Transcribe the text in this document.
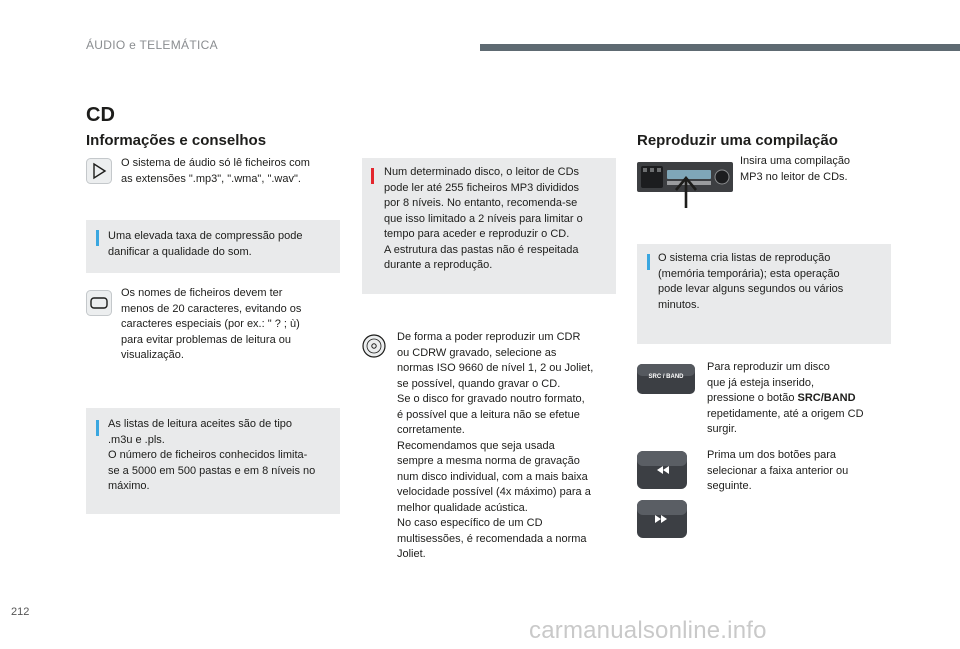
ÁUDIO e TELEMÁTICA
CD
Informações e conselhos	Reproduzir uma compilação
O sistema de áudio só lê ficheiros com
as extensões ".mp3", ".wma", ".wav".
Uma elevada taxa de compressão pode
danificar a qualidade do som.
Os nomes de ficheiros devem ter
menos de 20 caracteres, evitando os
caracteres especiais (por ex.: " ? ; ù)
para evitar problemas de leitura ou
visualização.
As listas de leitura aceites são de tipo
.m3u e .pls.
O número de ficheiros conhecidos limita-
se a 5000 em 500 pastas e em 8 níveis no
máximo.
Num determinado disco, o leitor de CDs
pode ler até 255 ficheiros MP3 divididos
por 8 níveis. No entanto, recomenda-se
que isso limitado a 2 níveis para limitar o
tempo para aceder e reproduzir o CD.
A estrutura das pastas não é respeitada
durante a reprodução.
De forma a poder reproduzir um CDR
ou CDRW gravado, selecione as
normas ISO 9660 de nível 1, 2 ou Joliet,
se possível, quando gravar o CD.
Se o disco for gravado noutro formato,
é possível que a leitura não se efetue
corretamente.
Recomendamos que seja usada
sempre a mesma norma de gravação
num disco individual, com a mais baixa
velocidade possível (4x máximo) para a
melhor qualidade acústica.
No caso específico de um CD
multisessões, é recomendada a norma
Joliet.
Insira uma compilação
MP3 no leitor de CDs.
O sistema cria listas de reprodução
(memória temporária); esta operação
pode levar alguns segundos ou vários
minutos.
SRC / BAND
Para reproduzir um disco
que já esteja inserido,
pressione o botão SRC/BAND
repetidamente, até a origem CD
surgir.
Prima um dos botões para
selecionar a faixa anterior ou
seguinte.
212
carmanualsonline.info
